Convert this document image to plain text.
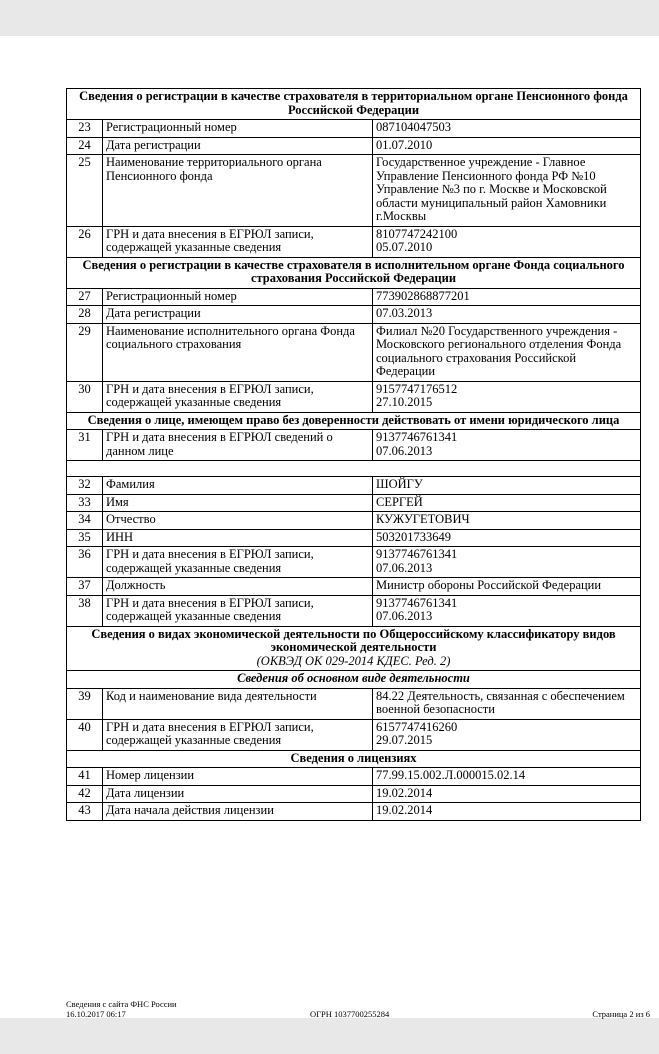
Сведения о регистрации в качестве страхователя в территориальном органе Пенсионного фонда Российской Федерации		
23	Регистрационный номер	087104047503
24	Дата регистрации	01.07.2010
25	Наименование территориального органа Пенсионного фонда	Государственное учреждение - Главное Управление Пенсионного фонда РФ №10 Управление №3 по г. Москве и Московской области муниципальный район Хамовники г.Москвы
26	ГРН и дата внесения в ЕГРЮЛ записи, содержащей указанные сведения	8107747242100
05.07.2010

Сведения о регистрации в качестве страхователя в исполнительном органе Фонда социального страхования Российской Федерации		
27	Регистрационный номер	773902868877201
28	Дата регистрации	07.03.2013
29	Наименование исполнительного органа Фонда социального страхования	Филиал №20 Государственного учреждения - Московского регионального отделения Фонда социального страхования Российской Федерации
30	ГРН и дата внесения в ЕГРЮЛ записи, содержащей указанные сведения	9157747176512
27.10.2015

Сведения о лице, имеющем право без доверенности действовать от имени юридического лица		
31	ГРН и дата внесения в ЕГРЮЛ сведений о данном лице	9137746761341
07.06.2013

32	Фамилия	ШОЙГУ
33	Имя	СЕРГЕЙ
34	Отчество	КУЖУГЕТОВИЧ
35	ИНН	503201733649
36	ГРН и дата внесения в ЕГРЮЛ записи, содержащей указанные сведения	9137746761341
07.06.2013

37	Должность	Министр обороны Российской Федерации
38	ГРН и дата внесения в ЕГРЮЛ записи, содержащей указанные сведения	9137746761341
07.06.2013

Сведения о видах экономической деятельности по Общероссийскому классификатору видов экономической деятельности
(ОКВЭД ОК 029-2014 КДЕС. Ред. 2)		

Сведения об основном виде деятельности		
39	Код и наименование вида деятельности	84.22 Деятельность, связанная с обеспечением военной безопасности
40	ГРН и дата внесения в ЕГРЮЛ записи, содержащей указанные сведения	6157747416260
29.07.2015

Сведения о лицензиях		
41	Номер лицензии	77.99.15.002.Л.000015.02.14
42	Дата лицензии	19.02.2014
43	Дата начала действия лицензии	19.02.2014
Сведения с сайта ФНС России
16.10.2017 06:17	ОГРН 1037700255284	Страница 2 из 6
